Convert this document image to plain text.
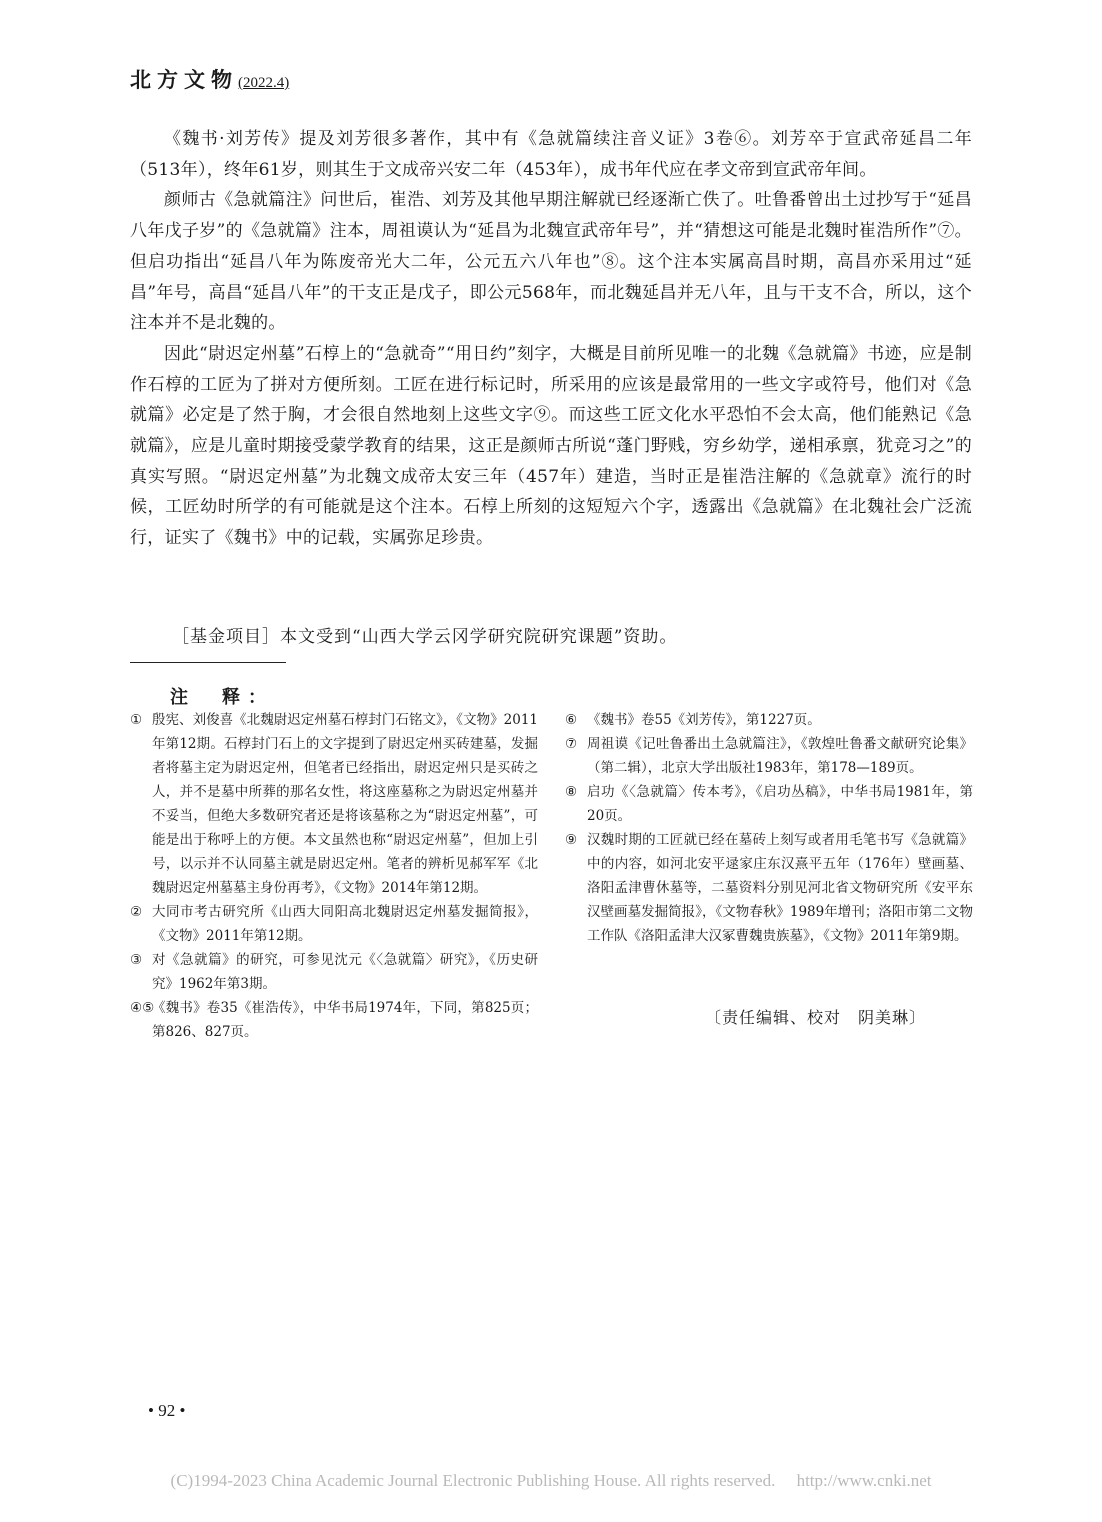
北方文物(2022.4)

《魏书·刘芳传》提及刘芳很多著作，其中有《急就篇续注音义证》3卷⑥。刘芳卒于宣武帝延昌二年（513年），终年61岁，则其生于文成帝兴安二年（453年），成书年代应在孝文帝到宣武帝年间。

颜师古《急就篇注》问世后，崔浩、刘芳及其他早期注解就已经逐渐亡佚了。吐鲁番曾出土过抄写于“延昌八年戊子岁”的《急就篇》注本，周祖谟认为“延昌为北魏宣武帝年号”，并“猜想这可能是北魏时崔浩所作”⑦。但启功指出“延昌八年为陈废帝光大二年，公元五六八年也”⑧。这个注本实属高昌时期，高昌亦采用过“延昌”年号，高昌“延昌八年”的干支正是戊子，即公元568年，而北魏延昌并无八年，且与干支不合，所以，这个注本并不是北魏的。

因此“尉迟定州墓”石椁上的“急就奇”“用日约”刻字，大概是目前所见唯一的北魏《急就篇》书迹，应是制作石椁的工匠为了拼对方便所刻。工匠在进行标记时，所采用的应该是最常用的一些文字或符号，他们对《急就篇》必定是了然于胸，才会很自然地刻上这些文字⑨。而这些工匠文化水平恐怕不会太高，他们能熟记《急就篇》，应是儿童时期接受蒙学教育的结果，这正是颜师古所说“蓬门野贱，穷乡幼学，递相承禀，犹竞习之”的真实写照。“尉迟定州墓”为北魏文成帝太安三年（457年）建造，当时正是崔浩注解的《急就章》流行的时候，工匠幼时所学的有可能就是这个注本。石椁上所刻的这短短六个字，透露出《急就篇》在北魏社会广泛流行，证实了《魏书》中的记载，实属弥足珍贵。

［基金项目］本文受到“山西大学云冈学研究院研究课题”资助。
注　释：
① 殷宪、刘俊喜《北魏尉迟定州墓石椁封门石铭文》，《文物》2011年第12期。石椁封门石上的文字提到了尉迟定州买砖建墓，发掘者将墓主定为尉迟定州，但笔者已经指出，尉迟定州只是买砖之人，并不是墓中所葬的那名女性，将这座墓称之为尉迟定州墓并不妥当，但绝大多数研究者还是将该墓称之为“尉迟定州墓”，可能是出于称呼上的方便。本文虽然也称“尉迟定州墓”，但加上引号，以示并不认同墓主就是尉迟定州。笔者的辨析见郝军军《北魏尉迟定州墓墓主身份再考》，《文物》2014年第12期。
② 大同市考古研究所《山西大同阳高北魏尉迟定州墓发掘简报》，《文物》2011年第12期。
③ 对《急就篇》的研究，可参见沈元《〈急就篇〉研究》，《历史研究》1962年第3期。
④⑤
《魏书》卷35《崔浩传》，中华书局1974年，下同，第825页；第826、827页。
⑥ 《魏书》卷55《刘芳传》，第1227页。
⑦ 周祖谟《记吐鲁番出土急就篇注》，《敦煌吐鲁番文献研究论集》（第二辑），北京大学出版社1983年，第178—189页。
⑧ 启功《〈急就篇〉传本考》，《启功丛稿》，中华书局1981年，第20页。
⑨ 汉魏时期的工匠就已经在墓砖上刻写或者用毛笔书写《急就篇》中的内容，如河北安平逯家庄东汉熹平五年（176年）壁画墓、洛阳孟津曹休墓等，二墓资料分别见河北省文物研究所《安平东汉壁画墓发掘简报》，《文物春秋》1989年增刊；洛阳市第二文物工作队《洛阳孟津大汉冢曹魏贵族墓》，《文物》2011年第9期。
〔责任编辑、校对　阴美琳〕
• 92 •
(C)1994-2023 China Academic Journal Electronic Publishing House. All rights reserved.　 http://www.cnki.net
